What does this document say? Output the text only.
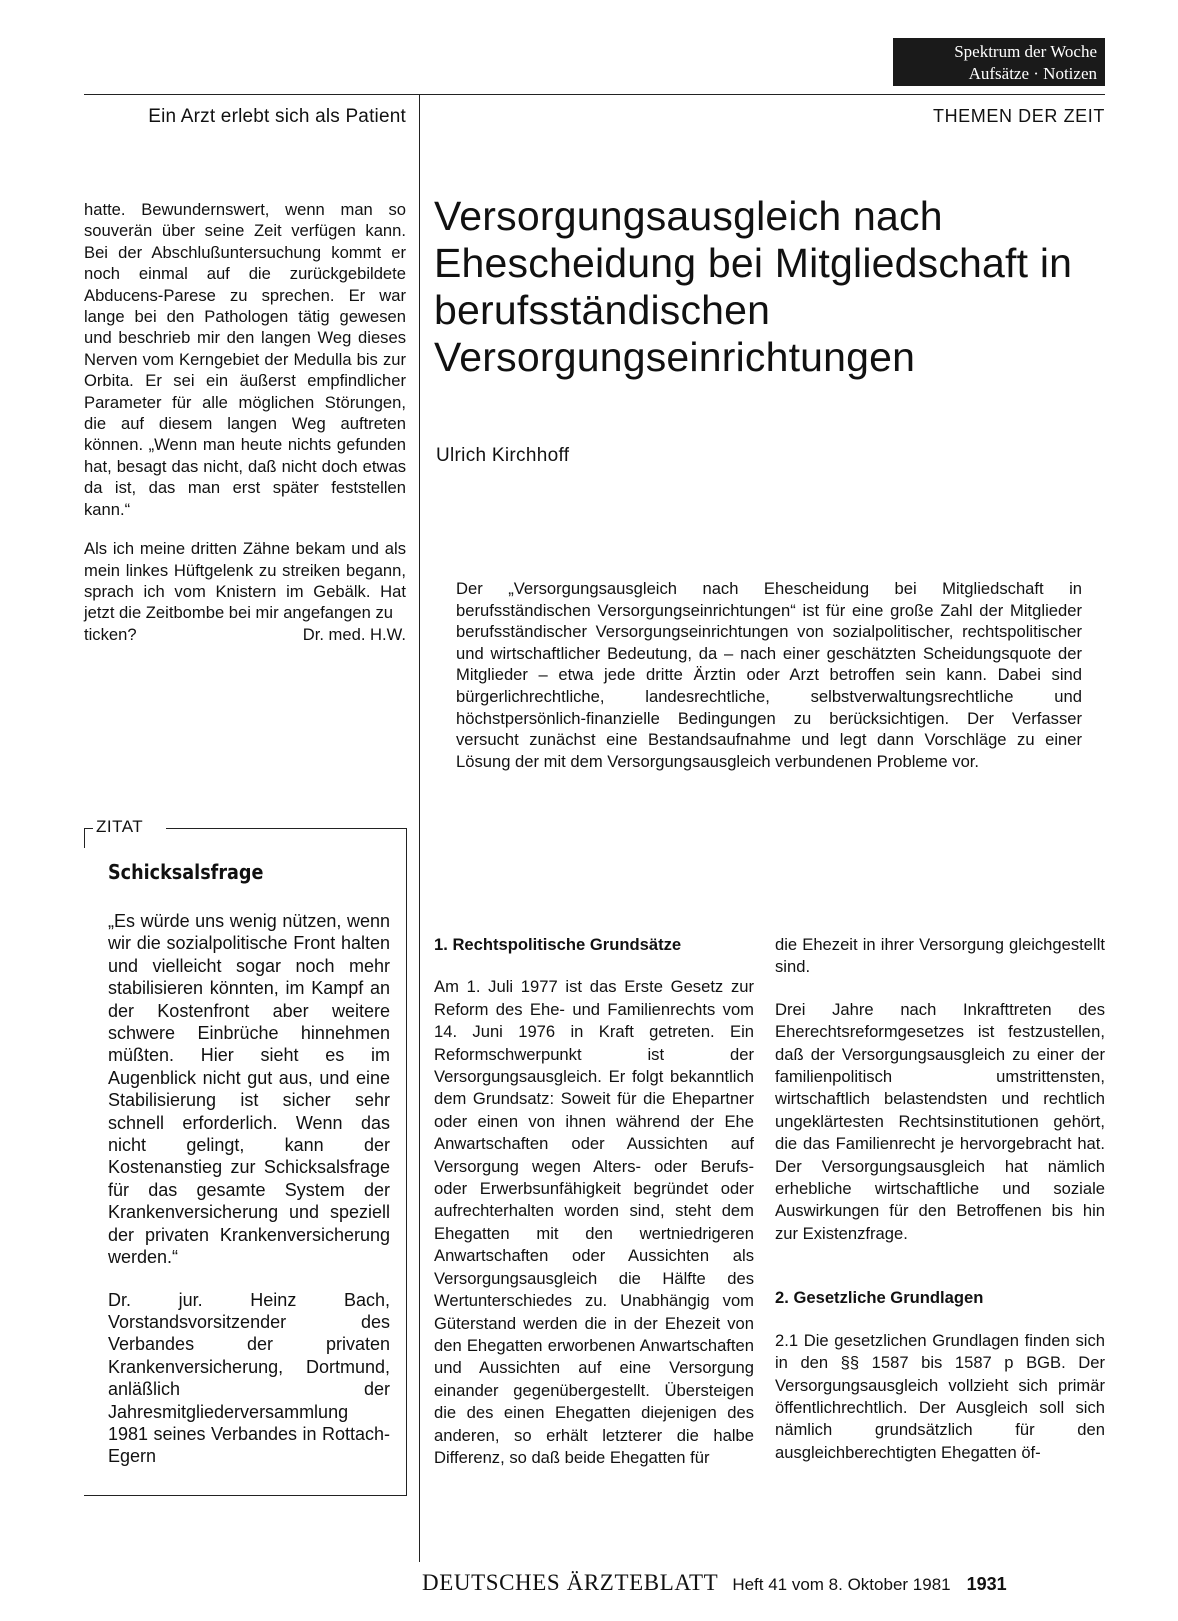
Spektrum der Woche
Aufsätze · Notizen
Ein Arzt erlebt sich als Patient	THEMEN DER ZEIT

hatte. Bewundernswert, wenn man so souverän über seine Zeit verfügen kann. Bei der Abschlußuntersuchung kommt er noch einmal auf die zurückgebildete Abducens-Parese zu sprechen. Er war lange bei den Pathologen tätig gewesen und beschrieb mir den langen Weg dieses Nerven vom Kerngebiet der Medulla bis zur Orbita. Er sei ein äußerst empfindlicher Parameter für alle möglichen Störungen, die auf diesem langen Weg auftreten können. „Wenn man heute nichts gefunden hat, besagt das nicht, daß nicht doch etwas da ist, das man erst später feststellen kann.“

Als ich meine dritten Zähne bekam und als mein linkes Hüftgelenk zu streiken begann, sprach ich vom Knistern im Gebälk. Hat jetzt die Zeitbombe bei mir angefangen zu

ticken?	Dr. med. H.W.
Versorgungsausgleich nach Ehescheidung bei Mitgliedschaft in berufsständischen Versorgungseinrichtungen
Ulrich Kirchhoff
Der „Versorgungsausgleich nach Ehescheidung bei Mitgliedschaft in berufsständischen Versorgungseinrichtungen“ ist für eine große Zahl der Mitglieder berufsständischer Versorgungseinrichtungen von sozialpolitischer, rechtspolitischer und wirtschaftlicher Bedeutung, da – nach einer geschätzten Scheidungsquote der Mitglieder – etwa jede dritte Ärztin oder Arzt betroffen sein kann. Dabei sind bürgerlichrechtliche, landesrechtliche, selbstverwaltungsrechtliche und höchstpersönlich-finanzielle Bedingungen zu berücksichtigen. Der Verfasser versucht zunächst eine Bestandsaufnahme und legt dann Vorschläge zu einer Lösung der mit dem Versorgungsausgleich verbundenen Probleme vor.
ZITAT
Schicksalsfrage

„Es würde uns wenig nützen, wenn wir die sozialpolitische Front halten und vielleicht sogar noch mehr stabilisieren könnten, im Kampf an der Kostenfront aber weitere schwere Einbrüche hinnehmen müßten. Hier sieht es im Augenblick nicht gut aus, und eine Stabilisierung ist sicher sehr schnell erforderlich. Wenn das nicht gelingt, kann der Kostenanstieg zur Schicksalsfrage für das gesamte System der Krankenversicherung und speziell der privaten Krankenversicherung werden.“

Dr. jur. Heinz Bach, Vorstandsvorsitzender des Verbandes der privaten Krankenversicherung, Dortmund, anläßlich der Jahresmitgliederversammlung 1981 seines Verbandes in Rottach-Egern

1. Rechtspolitische Grundsätze

Am 1. Juli 1977 ist das Erste Gesetz zur Reform des Ehe- und Familienrechts vom 14. Juni 1976 in Kraft getreten. Ein Reformschwerpunkt ist der Versorgungsausgleich. Er folgt bekanntlich dem Grundsatz: Soweit für die Ehepartner oder einen von ihnen während der Ehe Anwartschaften oder Aussichten auf Versorgung wegen Alters- oder Berufs- oder Erwerbsunfähigkeit begründet oder aufrechterhalten worden sind, steht dem Ehegatten mit den wertniedrigeren Anwartschaften oder Aussichten als Versorgungsausgleich die Hälfte des Wertunterschiedes zu. Unabhängig vom Güterstand werden die in der Ehezeit von den Ehegatten erworbenen Anwartschaften und Aussichten auf eine Versorgung einander gegenübergestellt. Übersteigen die des einen Ehegatten diejenigen des anderen, so erhält letzterer die halbe Differenz, so daß beide Ehegatten für

die Ehezeit in ihrer Versorgung gleichgestellt sind.

Drei Jahre nach Inkrafttreten des Eherechtsreformgesetzes ist festzustellen, daß der Versorgungsausgleich zu einer der familienpolitisch umstrittensten, wirtschaftlich belastendsten und rechtlich ungeklärtesten Rechtsinstitutionen gehört, die das Familienrecht je hervorgebracht hat. Der Versorgungsausgleich hat nämlich erhebliche wirtschaftliche und soziale Auswirkungen für den Betroffenen bis hin zur Existenzfrage.

2. Gesetzliche Grundlagen

2.1 Die gesetzlichen Grundlagen finden sich in den §§ 1587 bis 1587 p BGB. Der Versorgungsausgleich vollzieht sich primär öffentlichrechtlich. Der Ausgleich soll sich nämlich grundsätzlich für den ausgleichberechtigten Ehegatten öf-

DEUTSCHES ÄRZTEBLATT Heft 41 vom 8. Oktober 1981 1931
